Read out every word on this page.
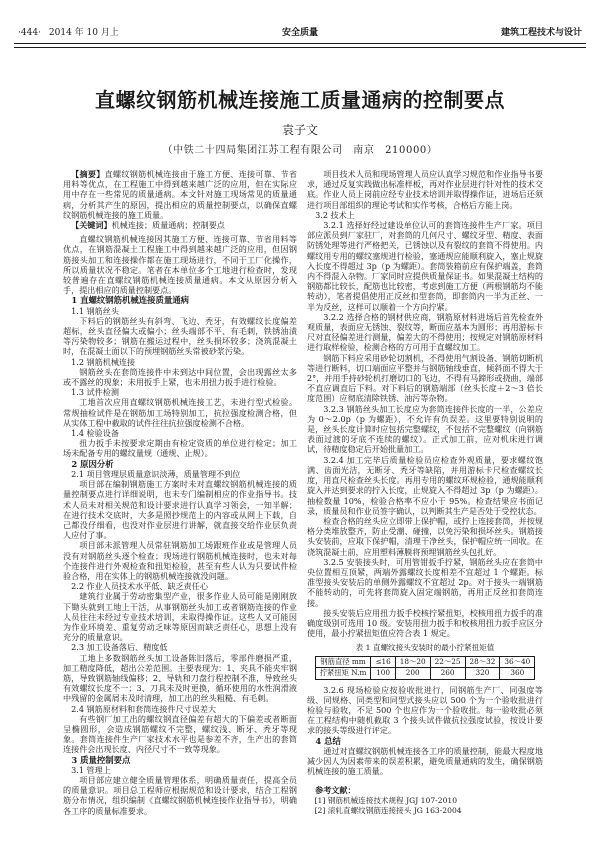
·444· 2014 年 10 月上	安全质量	建筑工程技术与设计
直螺纹钢筋机械连接施工质量通病的控制要点

袁子文

（中铁二十四局集团江苏工程有限公司　南京　210000）

【摘要】直螺纹钢筋机械连接由于施工方便、连接可靠、节省用料等优点，在工程施工中得到越来越广泛的应用，但在实际应用中存在一些常见的质量通病。本文针对施工现场常见的质量通病，分析其产生的原因，提出相应的质量控制要点，以确保直螺纹钢筋机械连接的施工质量。

【关键词】机械连接；质量通病；控制要点

直螺纹钢筋机械连接因其施工方便、连接可靠、节省用料等优点，在钢筋混凝土工程施工中得到越来越广泛的应用，但因钢筋接头加工和连接操作都在施工现场进行，不同于工厂化操作，所以质量状况不稳定。笔者在本单位多个工地进行检查时，发现较普遍存在直螺纹钢筋机械连接质量通病。本文从原因分析入手，提出相应的质量控制要点。

1 直螺纹钢筋机械连接质量通病
1.1 钢筋丝头

下料后的钢筋丝头有斜弯、飞边、秃牙，有效螺纹长度偏差超标，丝头直径偏大或偏小；丝头端部不平、有毛刺，铁锈油渍等污染物较多；钢筋在搬运过程中，丝头损坏较多；浇筑混凝土时，在混凝土面以下的预埋钢筋丝头常被砂浆污染。

1.2 钢筋机械连接

钢筋丝头在套筒连接件中未到达中间位置，会出现露丝太多或不露丝的现象；未用扳手上紧，也未用扭力扳手进行检验。

1.3 试件检测

工地首次应用直螺纹钢筋机械连接工艺，未进行型式检验。常规抽检试件是在钢筋加工场特别加工，抗拉强度检测合格，但从实体工程中截取的试件往往抗拉强度检测不合格。

1.4 检验设备

扭力扳手未按要求定期由有检定资质的单位进行检定；加工场未配备专用的螺纹量规（通规、止规）。

2 原因分析
2.1 项目管理层质量意识淡薄，质量管理不到位

项目部在编制钢筋施工方案时未对直螺纹钢筋机械连接的质量控制要点进行详细说明，也未专门编制相应的作业指导书。技术人员未对相关规范和设计要求进行认真学习领会，一知半解；在进行技术交底时，大多是照抄规范上的内容或从网上下载，自己都没仔细看，也没对作业层进行讲解，就直接交给作业层负责人应付了事。

项目部未派管理人员常驻钢筋加工场跟班作业或是管理人员没有对钢筋丝头逐个检查；现场进行钢筋机械连接时，也未对每个连接件进行外观检查和扭矩检验，甚至有些人认为只要试件检验合格，用在实体上的钢筋机械连接就没问题。

2.2 作业人员技术水平低、缺乏责任心

建筑行业属于劳动密集型产业，很多作业人员可能是刚刚放下锄头就到工地上干活，从事钢筋丝头加工或者钢筋连接的作业人员往往未经过专业技术培训，未取得操作证。这些人又可能因为作业环境差、重复劳动乏味等原因而缺乏责任心，思想上没有充分的质量意识。

2.3 加工设备落后、精度低

工地上多数钢筋丝头加工设备陈旧落后，零部件磨损严重，加工精度降低，超出公差范围。主要表现为：1、夹具不能夹牢钢筋，导致钢筋轴线偏移；2、导轨和刀盘行程控制不准，导致丝头有效螺纹长度不一；3、刀具未及时更换，循环使用的水性润滑液中残留的金属屑未及时清理，加工出的丝头粗糙、有毛刺。

2.4 钢筋原材料和套筒连接件尺寸误差大

有些钢厂加工出的螺纹钢直径偏差有超大的下偏差或者断面呈椭圆形，会造成钢筋螺纹不完整，螺纹浅、断牙、秃牙等现象。套筒连接件生产厂家技术水平也是参差不齐，生产出的套筒连接件会出现长度、内径尺寸不一致等现象。

3 质量控制要点
3.1 管理上

项目部应建立健全质量管理体系，明确质量责任，提高全员的质量意识。项目总工程师应根据规范和设计要求，结合工程钢筋分布情况，组织编制《直螺纹钢筋机械连接作业指导书》，明确各工序的质量标准要求。

项目技术人员和现场管理人员应认真学习规范和作业指导书要求，通过反复实践做出标准样板，再对作业层进行针对性的技术交底。作业人员上岗前应经专业技术培训并取得操作证，进场后还须进行项目部组织的理论考试和实作考核，合格后方能上岗。

3.2 技术上

3.2.1 选择好经过建设单位认可的套筒连接件生产厂家。项目部应派员到厂家驻厂，对套筒的几何尺寸、螺纹牙型、精度、表面防锈处理等进行严格把关，已锈蚀以及有裂纹的套筒不得使用。内螺纹用专用的螺纹塞规进行检验，塞通规应能顺利旋入，塞止规旋入长度不得超过 3p（p 为螺距）。套筒装箱前应有保护端盖，套筒内不得混入杂物。厂家同时应提供质量保证书。如果混凝土结构的钢筋都比较长，配筋也比较密，考虑到施工方便（两根钢筋均不能转动），笔者提倡使用正反丝扣型套筒，即套筒内一半为正丝、一半为反丝，这样可以顺着一个方向拧紧。

3.2.2 选择合格的钢材供应商，钢筋原材料进场后首先检查外观质量，表面应无锈蚀、裂纹等，断面应基本为圆形；再用游标卡尺对直径偏差进行测量，偏差大的不得使用；按规定对钢筋原材料进行取样检验，检测合格的方可用于直螺纹加工。

钢筋下料应采用砂轮切割机，不得使用气割设备、钢筋切断机等进行断料，切口端面应平整并与钢筋轴线垂直，倾斜面不得大于 2°，并用手持砂轮机打磨切口的飞边，不得有马蹄形或挠曲，端部不直应调直后下料。对下料后的钢筋端部（丝头长度＋2～3 倍长度范围）应彻底清除铁锈、油污等杂物。

3.2.3 钢筋丝头加工长度应为套筒连接件长度的一半，公差应为 0～2.0p（p 为螺距），不允许有负误差。这里要特别说明的是，丝头长度计算时应包括完整螺纹，不包括不完整螺纹（向钢筋表面过渡的牙底不连续的螺纹）。正式加工前，应对机床进行调试，待精度稳定后开始批量加工。

3.2.4 加工完毕后质量检验员应检查外观质量，要求螺纹饱满、齿面光洁，无断牙、秃牙等缺陷，并用游标卡尺检查螺纹长度，用直尺检查丝头长度。再用专用的螺纹环规检验，通规能顺利旋入并达到要求的拧入长度，止规旋入不得超过 3p（p 为螺距）。抽检数量 10%，检验合格率不应小于 95%。检查结果应书面记录，质量员和作业员签字确认，以判断其生产是否处于受控状态。

检查合格的丝头应立即带上保护帽，或拧上连接套筒，并按规格分类堆放整齐，防止受潮、碰撞，以免污染和损坏丝头。钢筋接头安装前，应取下保护帽，清理干净丝头，保护帽应统一回收。在浇筑混凝土前，应用塑料薄膜将预埋钢筋丝头包扎好。

3.2.5 安装接头时，可用管钳扳手拧紧，钢筋丝头应在套筒中央位置相互顶紧，两端外露螺纹长度相差不宜超过 1 个螺距。标准型接头安装后的单侧外露螺纹不宜超过 2p。对于接头一端钢筋不能转动的，可先将套筒旋入固定端钢筋，再用正反丝扣套筒连接。

接头安装后应用扭力扳手校核拧紧扭矩，校核用扭力扳手的准确度级别可选用 10 级。安装用扭力扳手和校核用扭力扳手应区分使用，最小拧紧扭矩值应符合表 1 规定。

表 1 直螺纹接头安装时的最小拧紧扭矩值
钢筋直径 mm	≤16	18～20	22～25	28～32	36～40
拧紧扭矩 N.m	100	200	260	320	360

3.2.6 现场检验应按验收批进行，同钢筋生产厂、同强度等级、同规格、同类型和同型式接头应以 500 个为一个验收批进行检验与验收，不足 500 个也应作为一个验收批。每一验收批必须在工程结构中随机截取 3 个接头试件做抗拉强度试验，按设计要求的接头等级进行评定。

4 总结

通过对直螺纹钢筋机械连接各工序的质量控制，能最大程度地减少因人为因素带来的误差积累，避免质量通病的发生，确保钢筋机械连接的施工质量。

参考文献：
[1] 钢筋机械连接技术规程 JGJ 107-2010
[2] 滚轧直螺纹钢筋连接接头 JG 163-2004
